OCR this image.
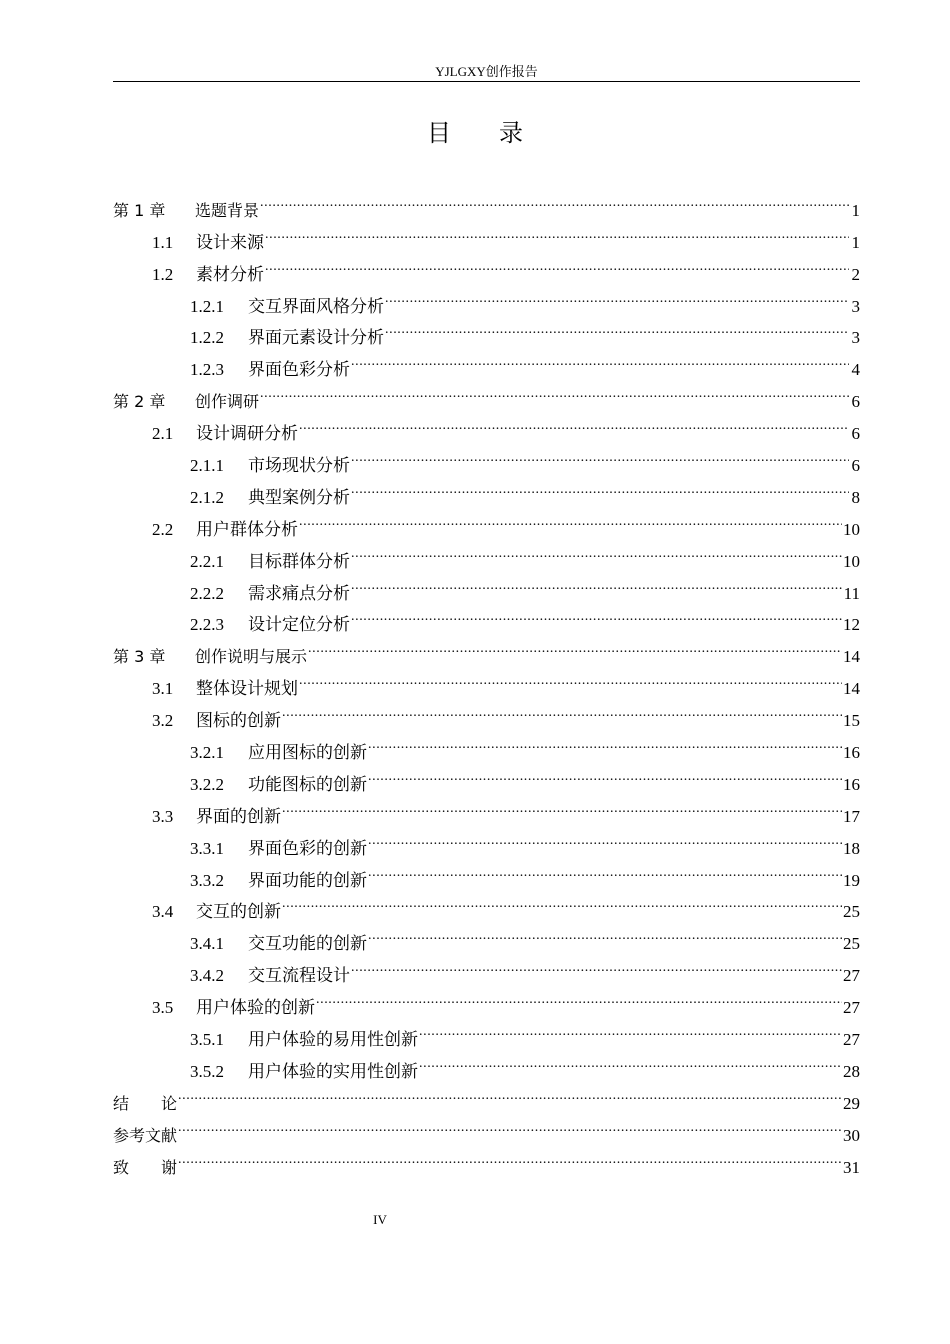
YJLGXY创作报告
目 录
第 1 章 选题背景 .....	1
1.1 设计来源 .....	1
1.2 素材分析 .....	2
1.2.1 交互界面风格分析 .....	3
1.2.2 界面元素设计分析 .....	3
1.2.3 界面色彩分析 .....	4
第 2 章 创作调研 .....	6
2.1 设计调研分析 .....	6
2.1.1 市场现状分析 .....	6
2.1.2 典型案例分析 .....	8
2.2 用户群体分析 .....	10
2.2.1 目标群体分析 .....	10
2.2.2 需求痛点分析 .....	11
2.2.3 设计定位分析 .....	12
第 3 章 创作说明与展示 .....	14
3.1 整体设计规划 .....	14
3.2 图标的创新 .....	15
3.2.1 应用图标的创新 .....	16
3.2.2 功能图标的创新 .....	16
3.3 界面的创新 .....	17
3.3.1 界面色彩的创新 .....	18
3.3.2 界面功能的创新 .....	19
3.4 交互的创新 .....	25
3.4.1 交互功能的创新 .....	25
3.4.2 交互流程设计 .....	27
3.5 用户体验的创新 .....	27
3.5.1 用户体验的易用性创新 .....	27
3.5.2 用户体验的实用性创新 .....	28
结　　论 .....	29
参考文献 .....	30
致　　谢 .....	31
IV
